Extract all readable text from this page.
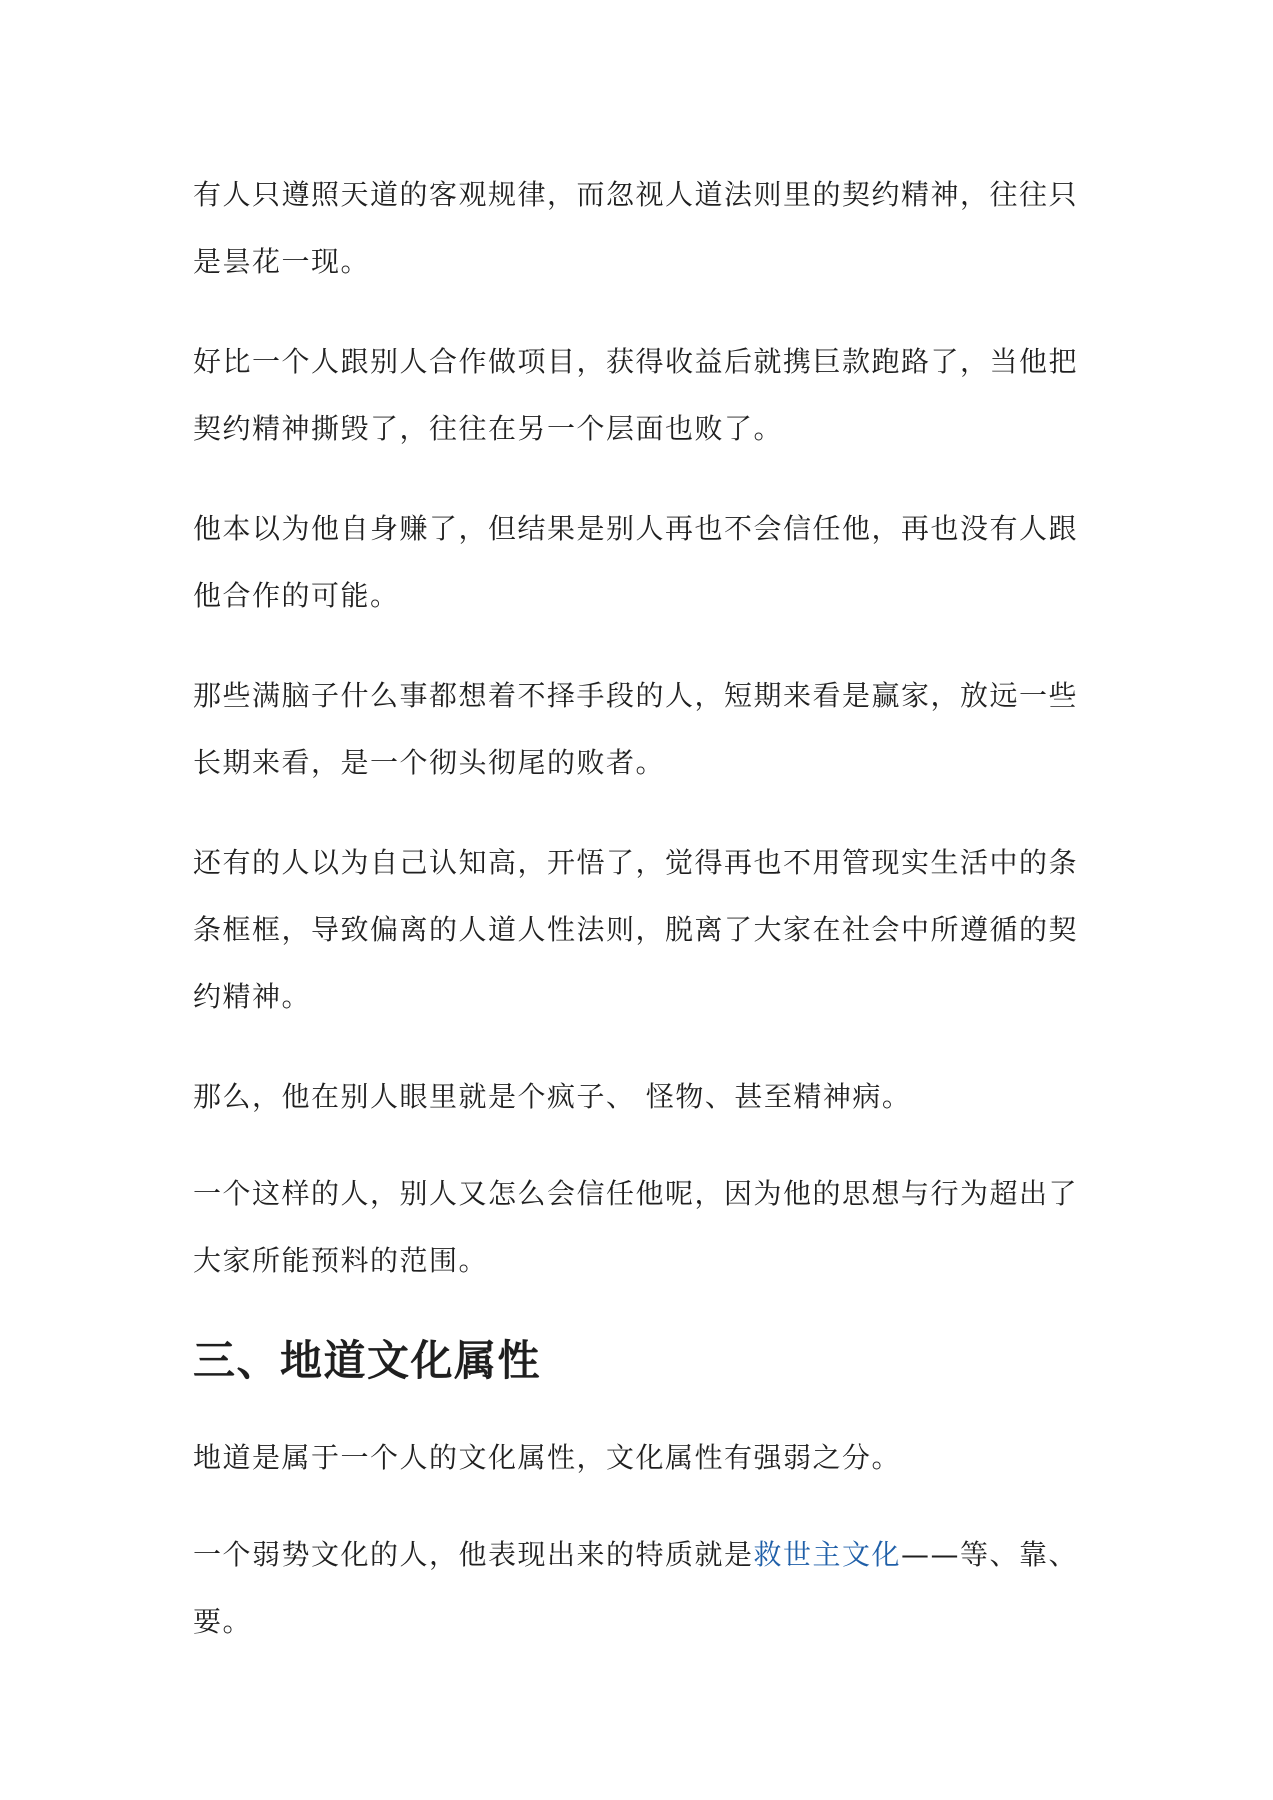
有人只遵照天道的客观规律，而忽视人道法则里的契约精神，往往只是昙花一现。

好比一个人跟别人合作做项目，获得收益后就携巨款跑路了，当他把契约精神撕毁了，往往在另一个层面也败了。

他本以为他自身赚了，但结果是别人再也不会信任他，再也没有人跟他合作的可能。

那些满脑子什么事都想着不择手段的人，短期来看是赢家，放远一些长期来看，是一个彻头彻尾的败者。

还有的人以为自己认知高，开悟了，觉得再也不用管现实生活中的条条框框，导致偏离的人道人性法则，脱离了大家在社会中所遵循的契约精神。

那么，他在别人眼里就是个疯子、 怪物、甚至精神病。

一个这样的人，别人又怎么会信任他呢，因为他的思想与行为超出了大家所能预料的范围。

三、地道文化属性

地道是属于一个人的文化属性，文化属性有强弱之分。

一个弱势文化的人，他表现出来的特质就是救世主文化——等、靠、要。
